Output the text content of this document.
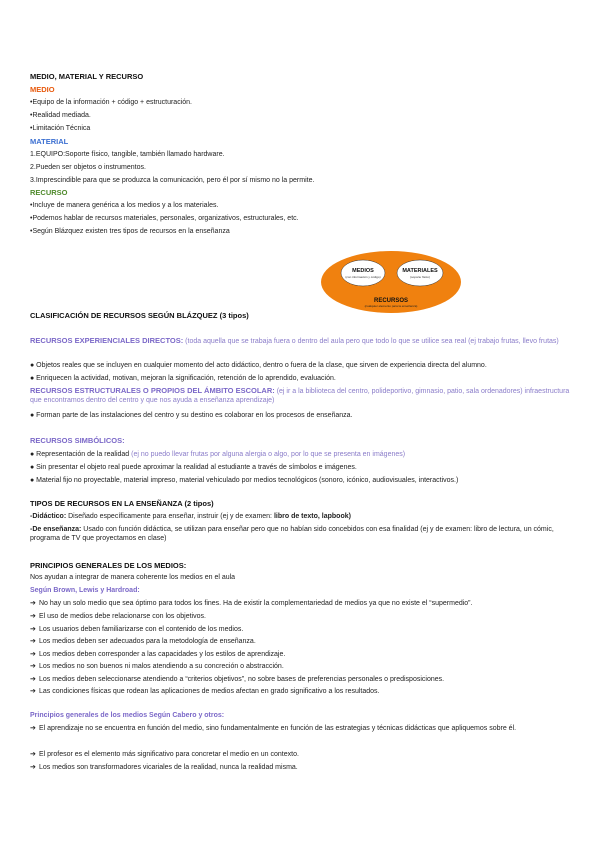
MEDIO, MATERIAL Y RECURSO
MEDIO
•Equipo de la información + código + estructuración.
•Realidad mediada.
•Limitación Técnica
MATERIAL
1.EQUIPO:Soporte físico, tangible, también llamado hardware.
2.Pueden ser objetos o instrumentos.
3.Imprescindible para que se produzca la comunicación, pero él por sí mismo no la permite.
RECURSO
•Incluye de manera genérica a los medios y a los materiales.
•Podemos hablar de recursos materiales, personales, organizativos, estructurales, etc.
•Según Blázquez existen tres tipos de recursos en la enseñanza
MEDIOS
(con información y código)
MATERIALES
(soporte físico)
RECURSOS
(cualquier elemento para la enseñanza)
CLASIFICACIÓN DE RECURSOS SEGÚN BLÁZQUEZ (3 tipos)
RECURSOS EXPERIENCIALES DIRECTOS: (toda aquella que se trabaja fuera o dentro del aula pero que todo lo que se utilice sea real (ej trabajo frutas, llevo frutas)
● Objetos reales que se incluyen en cualquier momento del acto didáctico, dentro o fuera de la clase, que sirven de experiencia directa del alumno.
● Enriquecen la actividad, motivan, mejoran la significación, retención de lo aprendido, evaluación.
RECURSOS ESTRUCTURALES O PROPIOS DEL ÁMBITO ESCOLAR: (ej ir a la biblioteca del centro, polideportivo, gimnasio, patio, sala ordenadores) infraestructura que encontramos dentro del centro y que nos ayuda a enseñanza aprendizaje)
● Forman parte de las instalaciones del centro y su destino es colaborar en los procesos de enseñanza.
RECURSOS SIMBÓLICOS:
● Representación de la realidad (ej no puedo llevar frutas por alguna alergia o algo, por lo que se presenta en imágenes)
● Sin presentar el objeto real puede aproximar la realidad al estudiante a través de símbolos e imágenes.
● Material fijo no proyectable, material impreso, material vehiculado por medios tecnológicos (sonoro, icónico, audiovisuales, interactivos.)
TIPOS DE RECURSOS EN LA ENSEÑANZA (2 tipos)
-Didáctico: Diseñado específicamente para enseñar, instruir (ej y de examen: libro de texto, lapbook)
-De enseñanza: Usado con función didáctica, se utilizan para enseñar pero que no habían sido concebidos con esa finalidad (ej y de examen: libro de lectura, un cómic, programa de TV que proyectamos en clase)
PRINCIPIOS GENERALES DE LOS MEDIOS:
Nos ayudan a integrar de manera coherente los medios en el aula
Según Brown, Lewis y Hardroad:
➔ No hay un solo medio que sea óptimo para todos los fines. Ha de existir la complementariedad de medios ya que no existe el “supermedio”.
➔ El uso de medios debe relacionarse con los objetivos.
➔ Los usuarios deben familiarizarse con el contenido de los medios.
➔ Los medios deben ser adecuados para la metodología de enseñanza.
➔ Los medios deben corresponder a las capacidades y los estilos de aprendizaje.
➔ Los medios no son buenos ni malos atendiendo a su concreción o abstracción.
➔ Los medios deben seleccionarse atendiendo a “criterios objetivos”, no sobre bases de preferencias personales o predisposiciones.
➔ Las condiciones físicas que rodean las aplicaciones de medios afectan en grado significativo a los resultados.
Principios generales de los medios Según Cabero y otros:
➔ El aprendizaje no se encuentra en función del medio, sino fundamentalmente en función de las estrategias y técnicas didácticas que apliquemos sobre él.
➔ El profesor es el elemento más significativo para concretar el medio en un contexto.
➔ Los medios son transformadores vicariales de la realidad, nunca la realidad misma.
